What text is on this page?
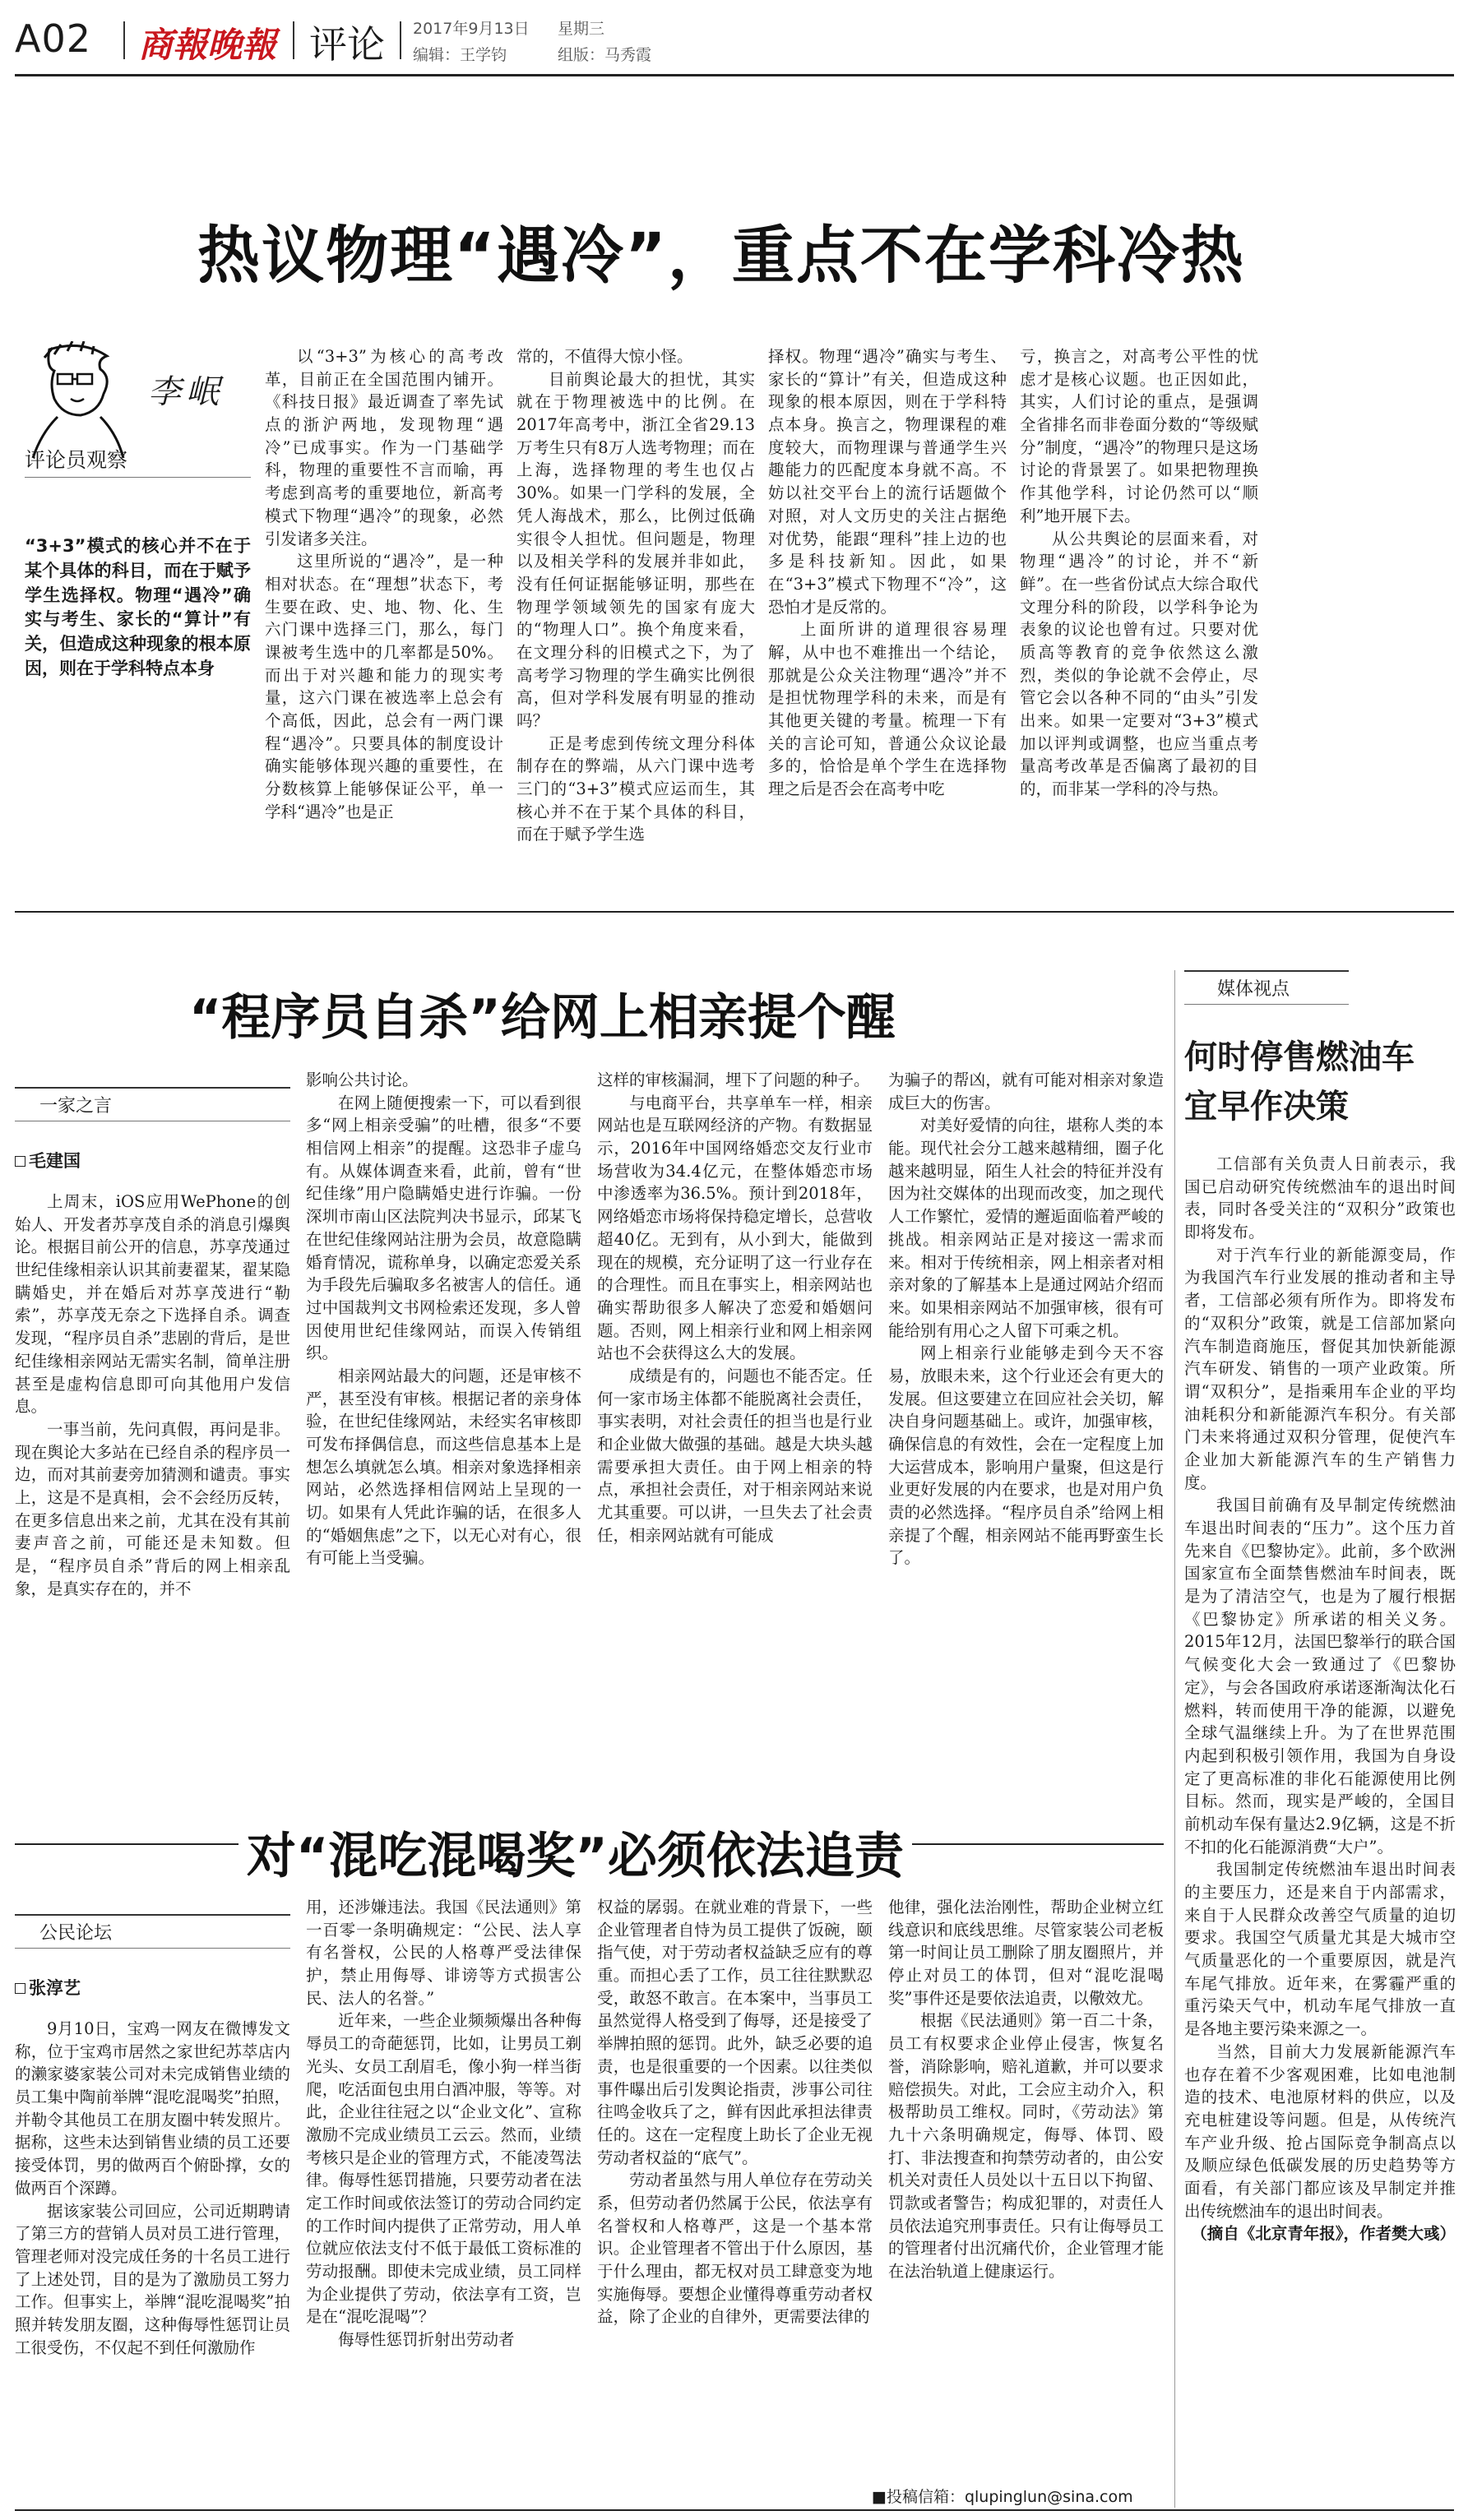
A02 商報晚報 评论 2017年9月13日 星期三
编辑：王学钧	组版：马秀霞
热议物理“遇冷”，重点不在学科冷热
李岷
评论员观察
“3+3”模式的核心并不在于某个具体的科目，而在于赋予学生选择权。物理“遇冷”确实与考生、家长的“算计”有关，但造成这种现象的根本原因，则在于学科特点本身

以“3+3”为核心的高考改革，目前正在全国范围内铺开。《科技日报》最近调查了率先试点的浙沪两地，发现物理“遇冷”已成事实。作为一门基础学科，物理的重要性不言而喻，再考虑到高考的重要地位，新高考模式下物理“遇冷”的现象，必然引发诸多关注。

这里所说的“遇冷”，是一种相对状态。在“理想”状态下，考生要在政、史、地、物、化、生六门课中选择三门，那么，每门课被考生选中的几率都是50%。而出于对兴趣和能力的现实考量，这六门课在被选率上总会有个高低，因此，总会有一两门课程“遇冷”。只要具体的制度设计确实能够体现兴趣的重要性，在分数核算上能够保证公平，单一学科“遇冷”也是正

常的，不值得大惊小怪。

目前舆论最大的担忧，其实就在于物理被选中的比例。在2017年高考中，浙江全省29.13万考生只有8万人选考物理；而在上海，选择物理的考生也仅占30%。如果一门学科的发展，全凭人海战术，那么，比例过低确实很令人担忧。但问题是，物理以及相关学科的发展并非如此，没有任何证据能够证明，那些在物理学领域领先的国家有庞大的“物理人口”。换个角度来看，在文理分科的旧模式之下，为了高考学习物理的学生确实比例很高，但对学科发展有明显的推动吗？

正是考虑到传统文理分科体制存在的弊端，从六门课中选考三门的“3+3”模式应运而生，其核心并不在于某个具体的科目，而在于赋予学生选

择权。物理“遇冷”确实与考生、家长的“算计”有关，但造成这种现象的根本原因，则在于学科特点本身。换言之，物理课程的难度较大，而物理课与普通学生兴趣能力的匹配度本身就不高。不妨以社交平台上的流行话题做个对照，对人文历史的关注占据绝对优势，能跟“理科”挂上边的也多是科技新知。因此，如果在“3+3”模式下物理不“冷”，这恐怕才是反常的。

上面所讲的道理很容易理解，从中也不难推出一个结论，那就是公众关注物理“遇冷”并不是担忧物理学科的未来，而是有其他更关键的考量。梳理一下有关的言论可知，普通公众议论最多的，恰恰是单个学生在选择物理之后是否会在高考中吃

亏，换言之，对高考公平性的忧虑才是核心议题。也正因如此，其实，人们讨论的重点，是强调全省排名而非卷面分数的“等级赋分”制度，“遇冷”的物理只是这场讨论的背景罢了。如果把物理换作其他学科，讨论仍然可以“顺利”地开展下去。

从公共舆论的层面来看，对物理“遇冷”的讨论，并不“新鲜”。在一些省份试点大综合取代文理分科的阶段，以学科争论为表象的议论也曾有过。只要对优质高等教育的竞争依然这么激烈，类似的争论就不会停止，尽管它会以各种不同的“由头”引发出来。如果一定要对“3+3”模式加以评判或调整，也应当重点考量高考改革是否偏离了最初的目的，而非某一学科的冷与热。

“程序员自杀”给网上相亲提个醒
一家之言
毛建国

上周末，iOS应用WePhone的创始人、开发者苏享茂自杀的消息引爆舆论。根据目前公开的信息，苏享茂通过世纪佳缘相亲认识其前妻翟某，翟某隐瞒婚史，并在婚后对苏享茂进行“勒索”，苏享茂无奈之下选择自杀。调查发现，“程序员自杀”悲剧的背后，是世纪佳缘相亲网站无需实名制，简单注册甚至是虚构信息即可向其他用户发信息。

一事当前，先问真假，再问是非。现在舆论大多站在已经自杀的程序员一边，而对其前妻旁加猜测和谴责。事实上，这是不是真相，会不会经历反转，在更多信息出来之前，尤其在没有其前妻声音之前，可能还是未知数。但是，“程序员自杀”背后的网上相亲乱象，是真实存在的，并不

影响公共讨论。

在网上随便搜索一下，可以看到很多“网上相亲受骗”的吐槽，很多“不要相信网上相亲”的提醒。这恐非子虚乌有。从媒体调查来看，此前，曾有“世纪佳缘”用户隐瞒婚史进行诈骗。一份深圳市南山区法院判决书显示，邱某飞在世纪佳缘网站注册为会员，故意隐瞒婚育情况，谎称单身，以确定恋爱关系为手段先后骗取多名被害人的信任。通过中国裁判文书网检索还发现，多人曾因使用世纪佳缘网站，而误入传销组织。

相亲网站最大的问题，还是审核不严，甚至没有审核。根据记者的亲身体验，在世纪佳缘网站，未经实名审核即可发布择偶信息，而这些信息基本上是想怎么填就怎么填。相亲对象选择相亲网站，必然选择相信网站上呈现的一切。如果有人凭此诈骗的话，在很多人的“婚姻焦虑”之下，以无心对有心，很有可能上当受骗。

这样的审核漏洞，埋下了问题的种子。

与电商平台，共享单车一样，相亲网站也是互联网经济的产物。有数据显示，2016年中国网络婚恋交友行业市场营收为34.4亿元，在整体婚恋市场中渗透率为36.5%。预计到2018年，网络婚恋市场将保持稳定增长，总营收超40亿。无到有，从小到大，能做到现在的规模，充分证明了这一行业存在的合理性。而且在事实上，相亲网站也确实帮助很多人解决了恋爱和婚姻问题。否则，网上相亲行业和网上相亲网站也不会获得这么大的发展。

成绩是有的，问题也不能否定。任何一家市场主体都不能脱离社会责任，事实表明，对社会责任的担当也是行业和企业做大做强的基础。越是大块头越需要承担大责任。由于网上相亲的特点，承担社会责任，对于相亲网站来说尤其重要。可以讲，一旦失去了社会责任，相亲网站就有可能成

为骗子的帮凶，就有可能对相亲对象造成巨大的伤害。

对美好爱情的向往，堪称人类的本能。现代社会分工越来越精细，圈子化越来越明显，陌生人社会的特征并没有因为社交媒体的出现而改变，加之现代人工作繁忙，爱情的邂逅面临着严峻的挑战。相亲网站正是对接这一需求而来。相对于传统相亲，网上相亲者对相亲对象的了解基本上是通过网站介绍而来。如果相亲网站不加强审核，很有可能给别有用心之人留下可乘之机。

网上相亲行业能够走到今天不容易，放眼未来，这个行业还会有更大的发展。但这要建立在回应社会关切，解决自身问题基础上。或许，加强审核，确保信息的有效性，会在一定程度上加大运营成本，影响用户量聚，但这是行业更好发展的内在要求，也是对用户负责的必然选择。“程序员自杀”给网上相亲提了个醒，相亲网站不能再野蛮生长了。

对“混吃混喝奖”必须依法追责
公民论坛
张淳艺

9月10日，宝鸡一网友在微博发文称，位于宝鸡市居然之家世纪苏萃店内的濑家婆家装公司对未完成销售业绩的员工集中陶前举牌“混吃混喝奖”拍照，并勒令其他员工在朋友圈中转发照片。据称，这些未达到销售业绩的员工还要接受体罚，男的做两百个俯卧撑，女的做两百个深蹲。

据该家装公司回应，公司近期聘请了第三方的营销人员对员工进行管理，管理老师对没完成任务的十名员工进行了上述处罚，目的是为了激励员工努力工作。但事实上，举牌“混吃混喝奖”拍照并转发朋友圈，这种侮辱性惩罚让员工很受伤，不仅起不到任何激励作

用，还涉嫌违法。我国《民法通则》第一百零一条明确规定：“公民、法人享有名誉权，公民的人格尊严受法律保护，禁止用侮辱、诽谤等方式损害公民、法人的名誉。”

近年来，一些企业频频爆出各种侮辱员工的奇葩惩罚，比如，让男员工剃光头、女员工刮眉毛，像小狗一样当街爬，吃活面包虫用白酒冲服，等等。对此，企业往往冠之以“企业文化”、宣称激励不完成业绩员工云云。然而，业绩考核只是企业的管理方式，不能凌驾法律。侮辱性惩罚措施，只要劳动者在法定工作时间或依法签订的劳动合同约定的工作时间内提供了正常劳动，用人单位就应依法支付不低于最低工资标准的劳动报酬。即使未完成业绩，员工同样为企业提供了劳动，依法享有工资，岂是在“混吃混喝”？

侮辱性惩罚折射出劳动者

权益的孱弱。在就业难的背景下，一些企业管理者自恃为员工提供了饭碗，颐指气使，对于劳动者权益缺乏应有的尊重。而担心丢了工作，员工往往默默忍受，敢怒不敢言。在本案中，当事员工虽然觉得人格受到了侮辱，还是接受了举牌拍照的惩罚。此外，缺乏必要的追责，也是很重要的一个因素。以往类似事件曝出后引发舆论指责，涉事公司往往鸣金收兵了之，鲜有因此承担法律责任的。这在一定程度上助长了企业无视劳动者权益的“底气”。

劳动者虽然与用人单位存在劳动关系，但劳动者仍然属于公民，依法享有名誉权和人格尊严，这是一个基本常识。企业管理者不管出于什么原因，基于什么理由，都无权对员工肆意变为地实施侮辱。要想企业懂得尊重劳动者权益，除了企业的自律外，更需要法律的

他律，强化法治刚性，帮助企业树立红线意识和底线思维。尽管家装公司老板第一时间让员工删除了朋友圈照片，并停止对员工的体罚，但对“混吃混喝奖”事件还是要依法追责，以儆效尤。

根据《民法通则》第一百二十条，员工有权要求企业停止侵害，恢复名誉，消除影响，赔礼道歉，并可以要求赔偿损失。对此，工会应主动介入，积极帮助员工维权。同时，《劳动法》第九十六条明确规定，侮辱、体罚、殴打、非法搜查和拘禁劳动者的，由公安机关对责任人员处以十五日以下拘留、罚款或者警告；构成犯罪的，对责任人员依法追究刑事责任。只有让侮辱员工的管理者付出沉痛代价，企业管理才能在法治轨道上健康运行。

■投稿信箱：qlupinglun@sina.com
媒体视点
何时停售燃油车
宜早作决策

工信部有关负责人日前表示，我国已启动研究传统燃油车的退出时间表，同时各受关注的“双积分”政策也即将发布。

对于汽车行业的新能源变局，作为我国汽车行业发展的推动者和主导者，工信部必须有所作为。即将发布的“双积分”政策，就是工信部加紧向汽车制造商施压，督促其加快新能源汽车研发、销售的一项产业政策。所谓“双积分”，是指乘用车企业的平均油耗积分和新能源汽车积分。有关部门未来将通过双积分管理，促使汽车企业加大新能源汽车的生产销售力度。

我国目前确有及早制定传统燃油车退出时间表的“压力”。这个压力首先来自《巴黎协定》。此前，多个欧洲国家宣布全面禁售燃油车时间表，既是为了清洁空气，也是为了履行根据《巴黎协定》所承诺的相关义务。2015年12月，法国巴黎举行的联合国气候变化大会一致通过了《巴黎协定》，与会各国政府承诺逐渐淘汰化石燃料，转而使用干净的能源，以避免全球气温继续上升。为了在世界范围内起到积极引领作用，我国为自身设定了更高标准的非化石能源使用比例目标。然而，现实是严峻的，全国目前机动车保有量达2.9亿辆，这是不折不扣的化石能源消费“大户”。

我国制定传统燃油车退出时间表的主要压力，还是来自于内部需求，来自于人民群众改善空气质量的迫切要求。我国空气质量尤其是大城市空气质量恶化的一个重要原因，就是汽车尾气排放。近年来，在雾霾严重的重污染天气中，机动车尾气排放一直是各地主要污染来源之一。

当然，目前大力发展新能源汽车也存在着不少客观困难，比如电池制造的技术、电池原材料的供应，以及充电桩建设等问题。但是，从传统汽车产业升级、抢占国际竞争制高点以及顺应绿色低碳发展的历史趋势等方面看，有关部门都应该及早制定并推出传统燃油车的退出时间表。

（摘自《北京青年报》，作者樊大彧）
